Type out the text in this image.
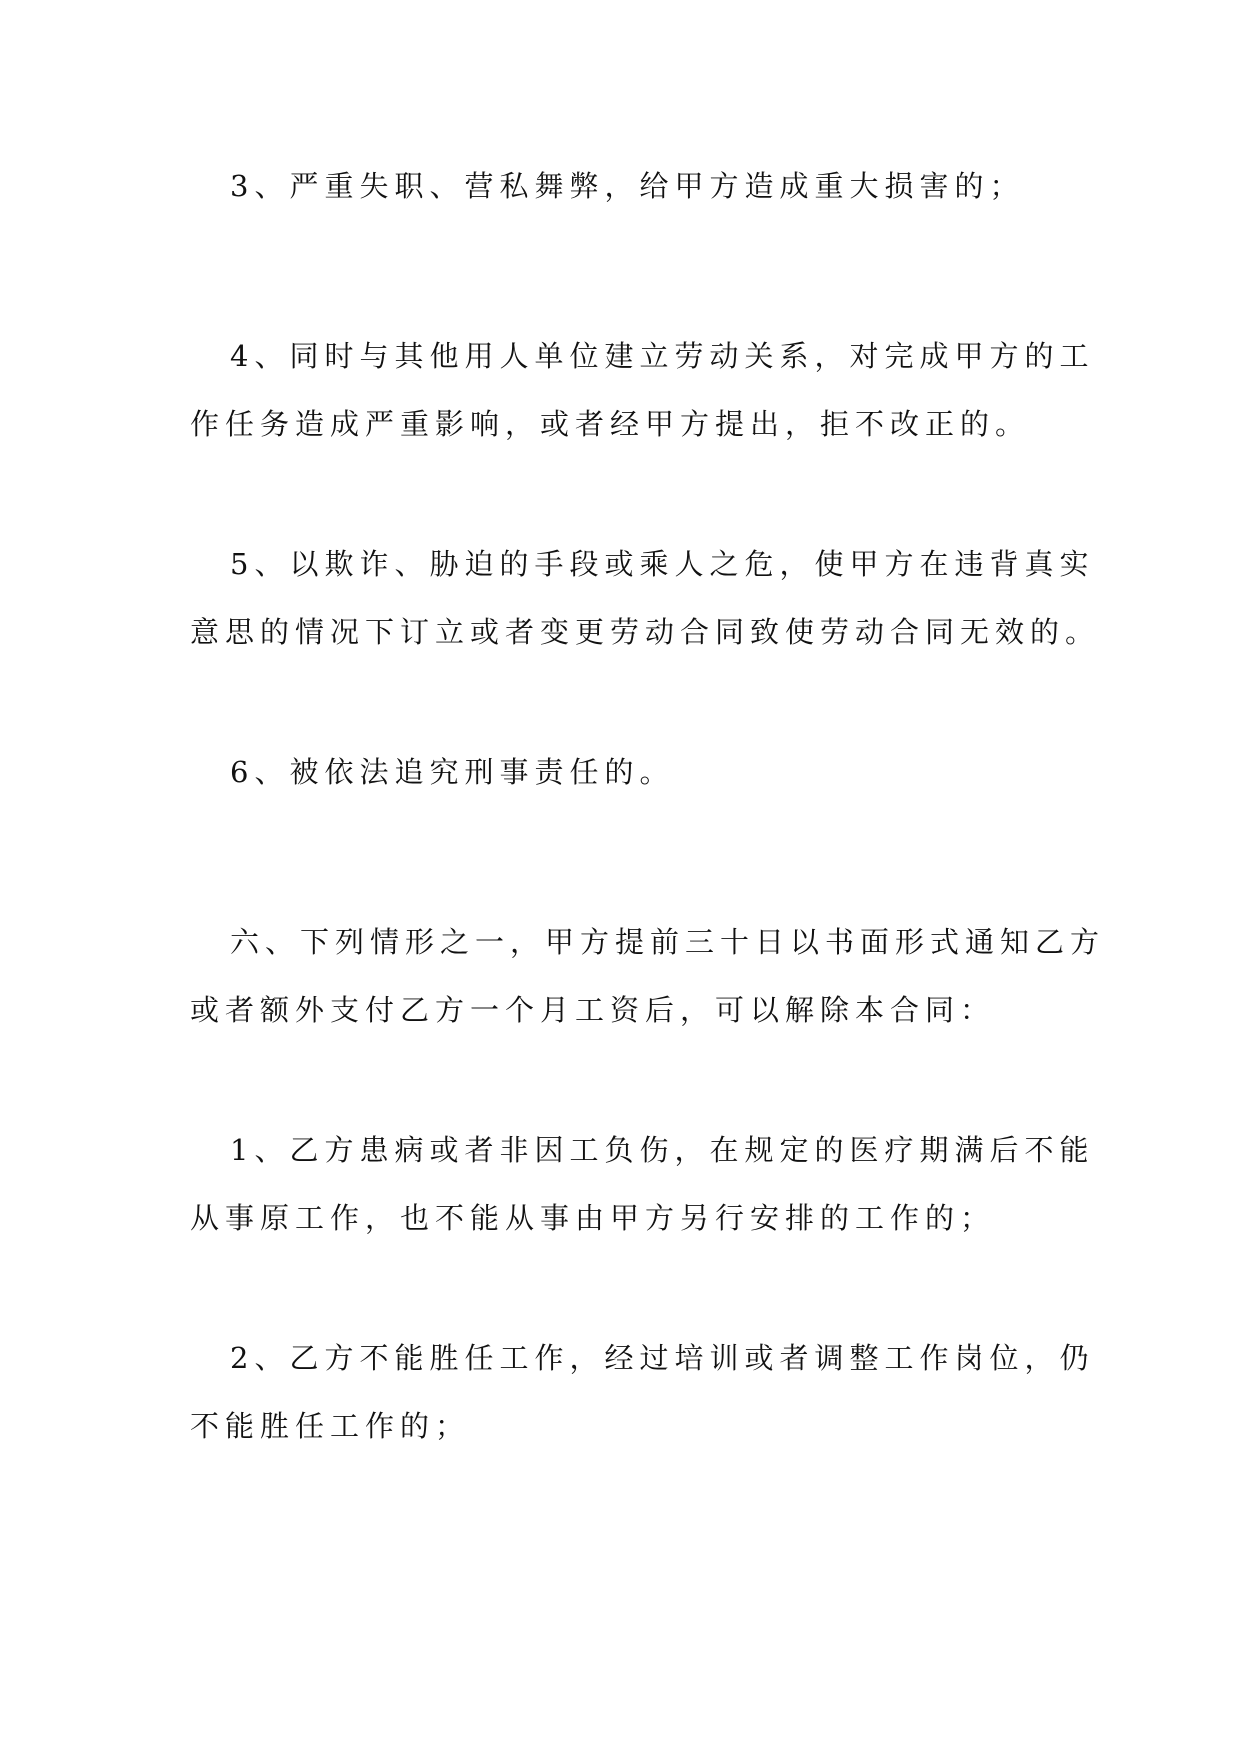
3、严重失职、营私舞弊，给甲方造成重大损害的；

4、同时与其他用人单位建立劳动关系，对完成甲方的工
作任务造成严重影响，或者经甲方提出，拒不改正的。

5、以欺诈、胁迫的手段或乘人之危，使甲方在违背真实
意思的情况下订立或者变更劳动合同致使劳动合同无效的。

6、被依法追究刑事责任的。

六、下列情形之一，甲方提前三十日以书面形式通知乙方
或者额外支付乙方一个月工资后，可以解除本合同：

1、乙方患病或者非因工负伤，在规定的医疗期满后不能
从事原工作，也不能从事由甲方另行安排的工作的；

2、乙方不能胜任工作，经过培训或者调整工作岗位，仍
不能胜任工作的；
